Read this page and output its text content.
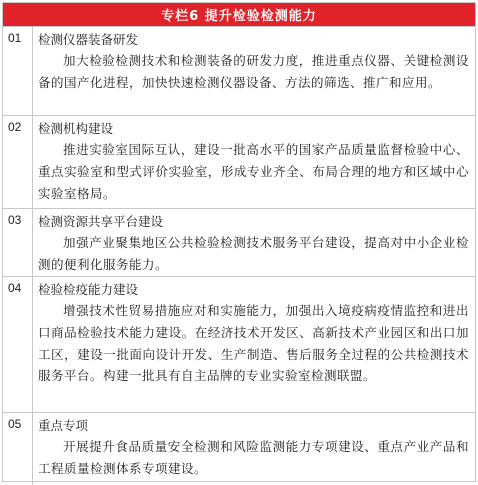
专栏6 提升检验检测能力
01	检测仪器装备研发
加大检验检测技术和检测装备的研发力度，推进重点仪器、关键检测设备的国产化进程，加快快速检测仪器设备、方法的筛选、推广和应用。
02	检测机构建设
推进实验室国际互认，建设一批高水平的国家产品质量监督检验中心、重点实验室和型式评价实验室，形成专业齐全、布局合理的地方和区域中心实验室格局。
03	检测资源共享平台建设
加强产业聚集地区公共检验检测技术服务平台建设，提高对中小企业检测的便利化服务能力。
04	检验检疫能力建设
增强技术性贸易措施应对和实施能力，加强出入境疫病疫情监控和进出口商品检验技术能力建设。在经济技术开发区、高新技术产业园区和出口加工区，建设一批面向设计开发、生产制造、售后服务全过程的公共检测技术服务平台。构建一批具有自主品牌的专业实验室检测联盟。
05	重点专项
开展提升食品质量安全检测和风险监测能力专项建设、重点产业产品和工程质量检测体系专项建设。
